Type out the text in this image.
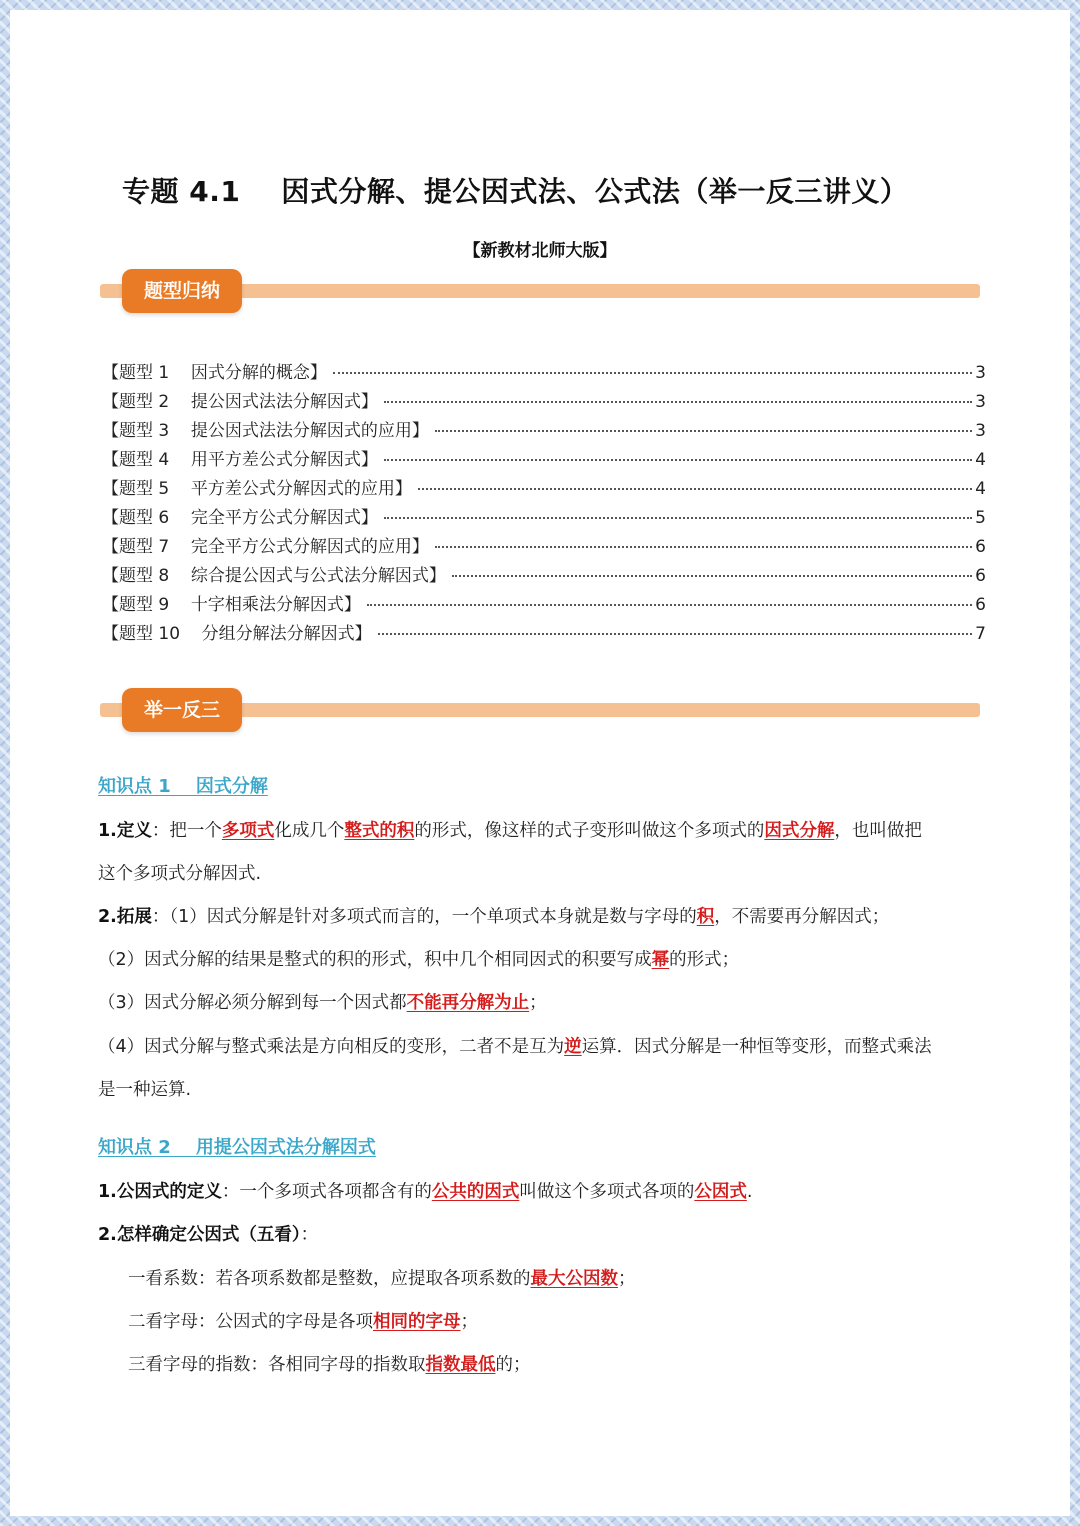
专题 4.1    因式分解、提公因式法、公式法（举一反三讲义）
【新教材北师大版】
题型归纳
【题型 1    因式分解的概念】	3
【题型 2    提公因式法法分解因式】	3
【题型 3    提公因式法法分解因式的应用】	3
【题型 4    用平方差公式分解因式】	4
【题型 5    平方差公式分解因式的应用】	4
【题型 6    完全平方公式分解因式】	5
【题型 7    完全平方公式分解因式的应用】	6
【题型 8    综合提公因式与公式法分解因式】	6
【题型 9    十字相乘法分解因式】	6
【题型 10    分组分解法分解因式】	7
举一反三
知识点 1    因式分解
1.定义：把一个多项式化成几个整式的积的形式，像这样的式子变形叫做这个多项式的因式分解，也叫做把
这个多项式分解因式.
2.拓展：（1）因式分解是针对多项式而言的，一个单项式本身就是数与字母的积，不需要再分解因式；
（2）因式分解的结果是整式的积的形式，积中几个相同因式的积要写成幂的形式；
（3）因式分解必须分解到每一个因式都不能再分解为止；
（4）因式分解与整式乘法是方向相反的变形，二者不是互为逆运算．因式分解是一种恒等变形，而整式乘法
是一种运算.
知识点 2    用提公因式法分解因式
1.公因式的定义：一个多项式各项都含有的公共的因式叫做这个多项式各项的公因式.
2.怎样确定公因式（五看）：
一看系数：若各项系数都是整数，应提取各项系数的最大公因数；
二看字母：公因式的字母是各项相同的字母；
三看字母的指数：各相同字母的指数取指数最低的；
